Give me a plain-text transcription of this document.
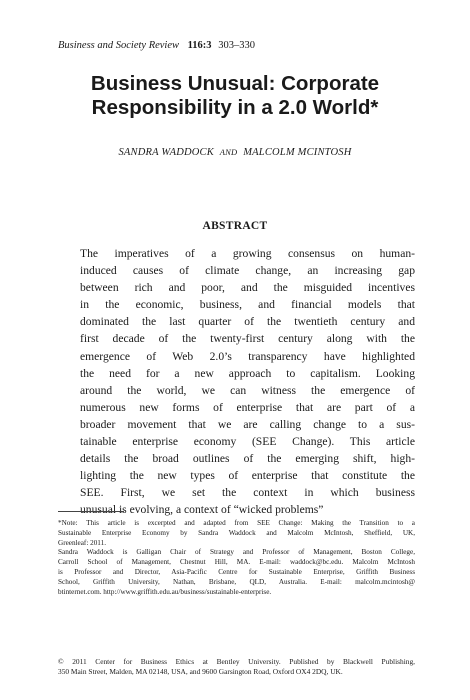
Business and Society Review 116:3 303–330
Business Unusual: Corporate
Responsibility in a 2.0 World*
SANDRA WADDOCK AND MALCOLM MCINTOSH
ABSTRACT
The imperatives of a growing consensus on human-
induced causes of climate change, an increasing gap
between rich and poor, and the misguided incentives
in the economic, business, and financial models that
dominated the last quarter of the twentieth century and
first decade of the twenty-first century along with the
emergence of Web 2.0’s transparency have highlighted
the need for a new approach to capitalism. Looking
around the world, we can witness the emergence of
numerous new forms of enterprise that are part of a
broader movement that we are calling change to a sus-
tainable enterprise economy (SEE Change). This article
details the broad outlines of the emerging shift, high-
lighting the new types of enterprise that constitute the
SEE. First, we set the context in which business
unusual is evolving, a context of “wicked problems”
*Note: This article is excerpted and adapted from SEE Change: Making the Transition to a
Sustainable Enterprise Economy by Sandra Waddock and Malcolm McIntosh, Sheffield, UK,
Greenleaf: 2011.
Sandra Waddock is Galligan Chair of Strategy and Professor of Management, Boston College,
Carroll School of Management, Chestnut Hill, MA. E-mail: waddock@bc.edu. Malcolm McIntosh
is Professor and Director, Asia-Pacific Centre for Sustainable Enterprise, Griffith Business
School, Griffith University, Nathan, Brisbane, QLD, Australia. E-mail: malcolm.mcintosh@
btinternet.com. http://www.griffith.edu.au/business/sustainable-enterprise.
© 2011 Center for Business Ethics at Bentley University. Published by Blackwell Publishing,
350 Main Street, Malden, MA 02148, USA, and 9600 Garsington Road, Oxford OX4 2DQ, UK.
